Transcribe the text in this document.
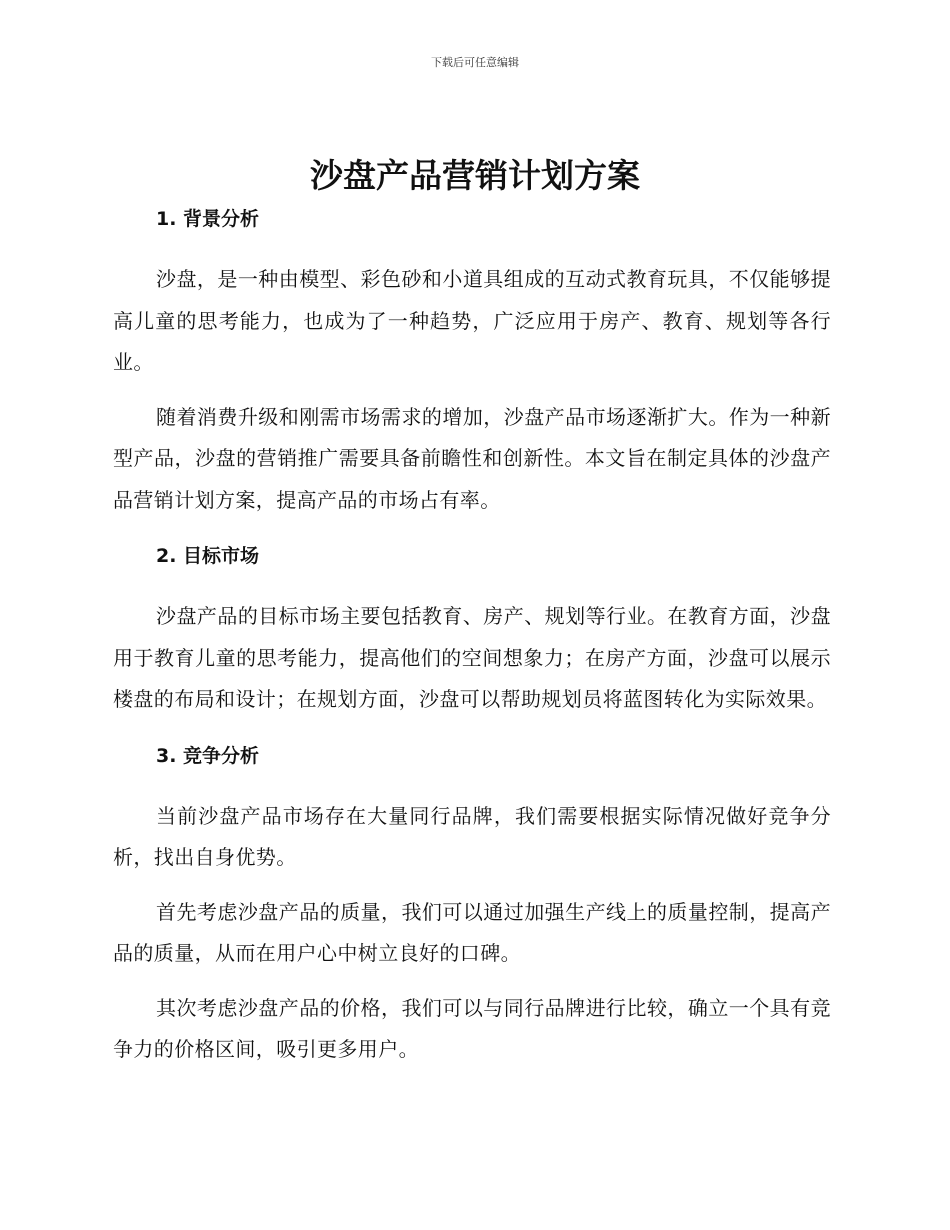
下载后可任意编辑
沙盘产品营销计划方案
1. 背景分析

沙盘，是一种由模型、彩色砂和小道具组成的互动式教育玩具，不仅能够提高儿童的思考能力，也成为了一种趋势，广泛应用于房产、教育、规划等各行业。

随着消费升级和刚需市场需求的增加，沙盘产品市场逐渐扩大。作为一种新型产品，沙盘的营销推广需要具备前瞻性和创新性。本文旨在制定具体的沙盘产品营销计划方案，提高产品的市场占有率。

2. 目标市场

沙盘产品的目标市场主要包括教育、房产、规划等行业。在教育方面，沙盘用于教育儿童的思考能力，提高他们的空间想象力；在房产方面，沙盘可以展示楼盘的布局和设计；在规划方面，沙盘可以帮助规划员将蓝图转化为实际效果。

3. 竞争分析

当前沙盘产品市场存在大量同行品牌，我们需要根据实际情况做好竞争分析，找出自身优势。

首先考虑沙盘产品的质量，我们可以通过加强生产线上的质量控制，提高产品的质量，从而在用户心中树立良好的口碑。

其次考虑沙盘产品的价格，我们可以与同行品牌进行比较，确立一个具有竞争力的价格区间，吸引更多用户。
